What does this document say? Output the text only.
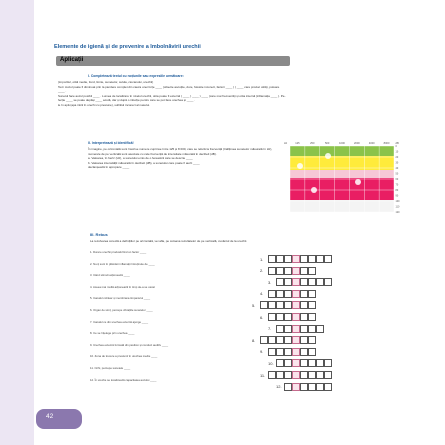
Elemente de igienă și de prevenire a îmbolnăvirii urechii
Aplicații
I. Completează textul cu noțiunile sau expresiile următoare:
(impozitul, otită medie, fond, limite, sunetelor, celula, ciocanului, urechii)
Text: Auzul poate fi diminuat prin la pierdere complet din cauza unei forțe ____ (obiecte ascuțite, dure, folosite incorect, factori ____ ) ( ____ care produc otită), poluare ____ .
Sunetul face auzul posibil ____ . Lumea de localizare în nivelul urechii, otita poate fi externă ( ____ ) ____ ) ____ (care mai frecventă) și otita internă (inflamația ____ ). Pe-
fecție ____ se poate depăși ____ acută, dar și după o infecție pentru care se pot face urechea și ____ .
le în apă (apa intră în urechi cu presiune), sufrătul incorect al nasului.
II. Interpretează și identifică!
În imagine, pe orizontală sunt înscrise numere cuprinse între 125 și 8 000, care se referă la frecvență (înălțimea sunetelor măsurată în Hz),
numerele de pe verticală sunt asociate cu cele frecvență de intensitate măsurată în decibeli (dB).
a. Valoarea, în hertz (Hz), a sunetului emis de o fereastră care se descrie ____
b. Valoarea intensității măsurată în decibeli (dB), a sunetului care poate fi auzit ____
declanșează în apropiere ____
125	250	500	1000	2000	4000	8000
0
10
20
30
40
50
60
70
80
90
100
110
120
Hz	dB
III. Rebus
La rezolvarea corectă a definițiilor pe orizontală, vei afla, pe coloana rezultatelor de pe verticală, cuvântul de la urechii.
1. Durere urechii produsă fiind un factor ____
2. Nu-ți sunt în plămâni inflamații întreținute de ____
3. Când stimuli acționează ____
4. Aceea mai multă acționează în timp de-a se uscat
5. Canalul cohlear și membrana timpanului ____
6. Organ de simț, percepe vibrațiile sunetelor ____
7. Canalul ce din urechea externă ajunge ____
8. Ce se înțelege prin urechea ____
9. Urechea externă formată din pavilion și conduct auditiv ____
10. Zona de trecere a presiunii în urechea medie ____
11. Ochi, percepe sunetele ____
12. În ureche se localizează capacitatea auzului ____
1.
2.
3.
4.
5.
6.
7.
8.
9.
10.
11.
12.
42
